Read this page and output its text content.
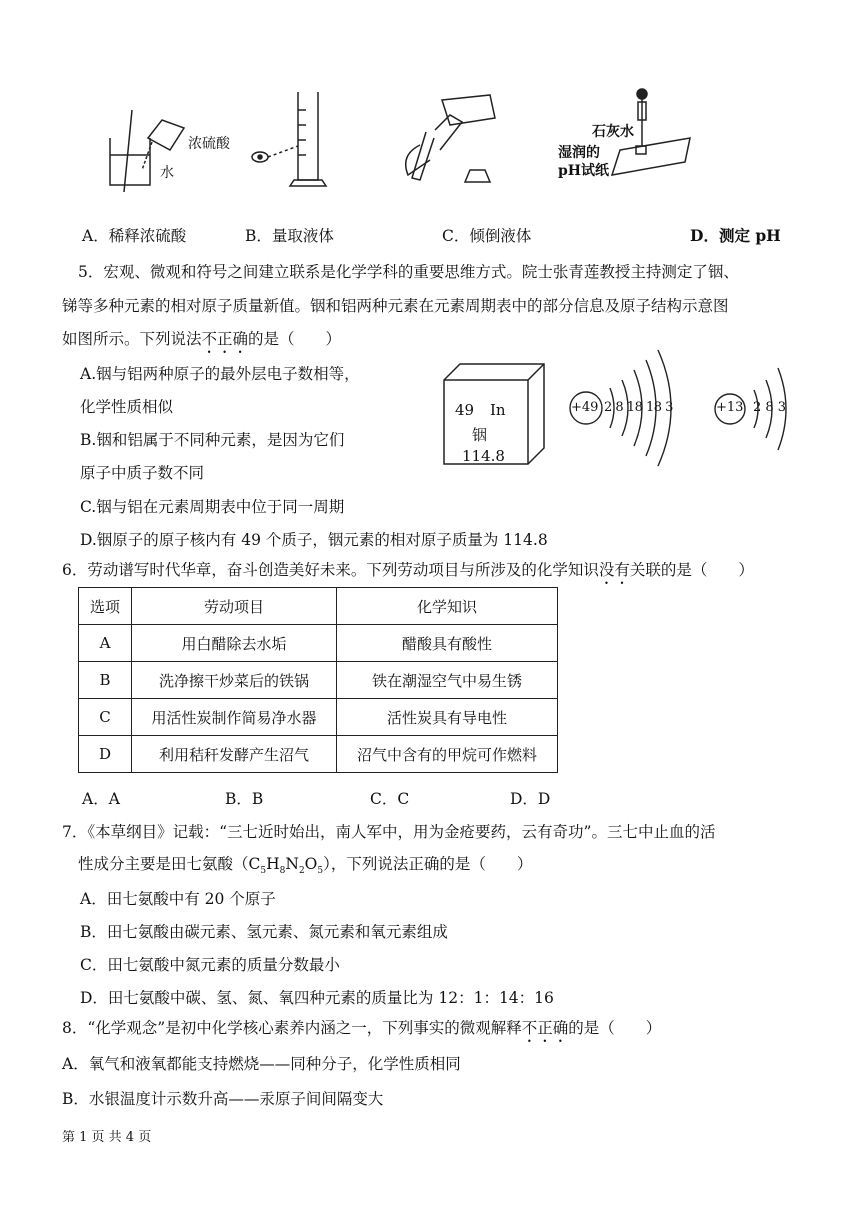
浓硫酸
水
石灰水
湿润的
pH试纸
A．稀释浓硫酸	B．量取液体	C．倾倒液体	D．测定 pH
5．宏观、微观和符号之间建立联系是化学学科的重要思维方式。院士张青莲教授主持测定了铟、
锑等多种元素的相对原子质量新值。铟和铝两种元素在元素周期表中的部分信息及原子结构示意图
如图所示。下列说法不正确的是（　　）
A.铟与铝两种原子的最外层电子数相等，
化学性质相似
B.铟和铝属于不同种元素，是因为它们
原子中质子数不同
C.铟与铝在元素周期表中位于同一周期
D.铟原子的原子核内有 49 个质子，铟元素的相对原子质量为 114.8
49 In
铟
114.8
+49 2 8 18 18 3	+13 2 8 3
6．劳动谱写时代华章，奋斗创造美好未来。下列劳动项目与所涉及的化学知识没有关联的是（　　）
选项	劳动项目	化学知识
A	用白醋除去水垢	醋酸具有酸性
B	洗净擦干炒菜后的铁锅	铁在潮湿空气中易生锈
C	用活性炭制作简易净水器	活性炭具有导电性
D	利用秸秆发酵产生沼气	沼气中含有的甲烷可作燃料
A．A	B．B	C．C	D．D
7．《本草纲目》记载：“三七近时始出，南人军中，用为金疮要药，云有奇功”。三七中止血的活
性成分主要是田七氨酸$(C_5H_8N_2O_5)$，下列说法正确的是（　　）
A．田七氨酸中有 20 个原子
B．田七氨酸由碳元素、氢元素、氮元素和氧元素组成
C．田七氨酸中氮元素的质量分数最小
D．田七氨酸中碳、氢、氮、氧四种元素的质量比为 12：1：14：16
8．“化学观念”是初中化学核心素养内涵之一，下列事实的微观解释不正确的是（　　）
A．氧气和液氧都能支持燃烧——同种分子，化学性质相同
B．水银温度计示数升高——汞原子间间隔变大
第 1 页 共 4 页
